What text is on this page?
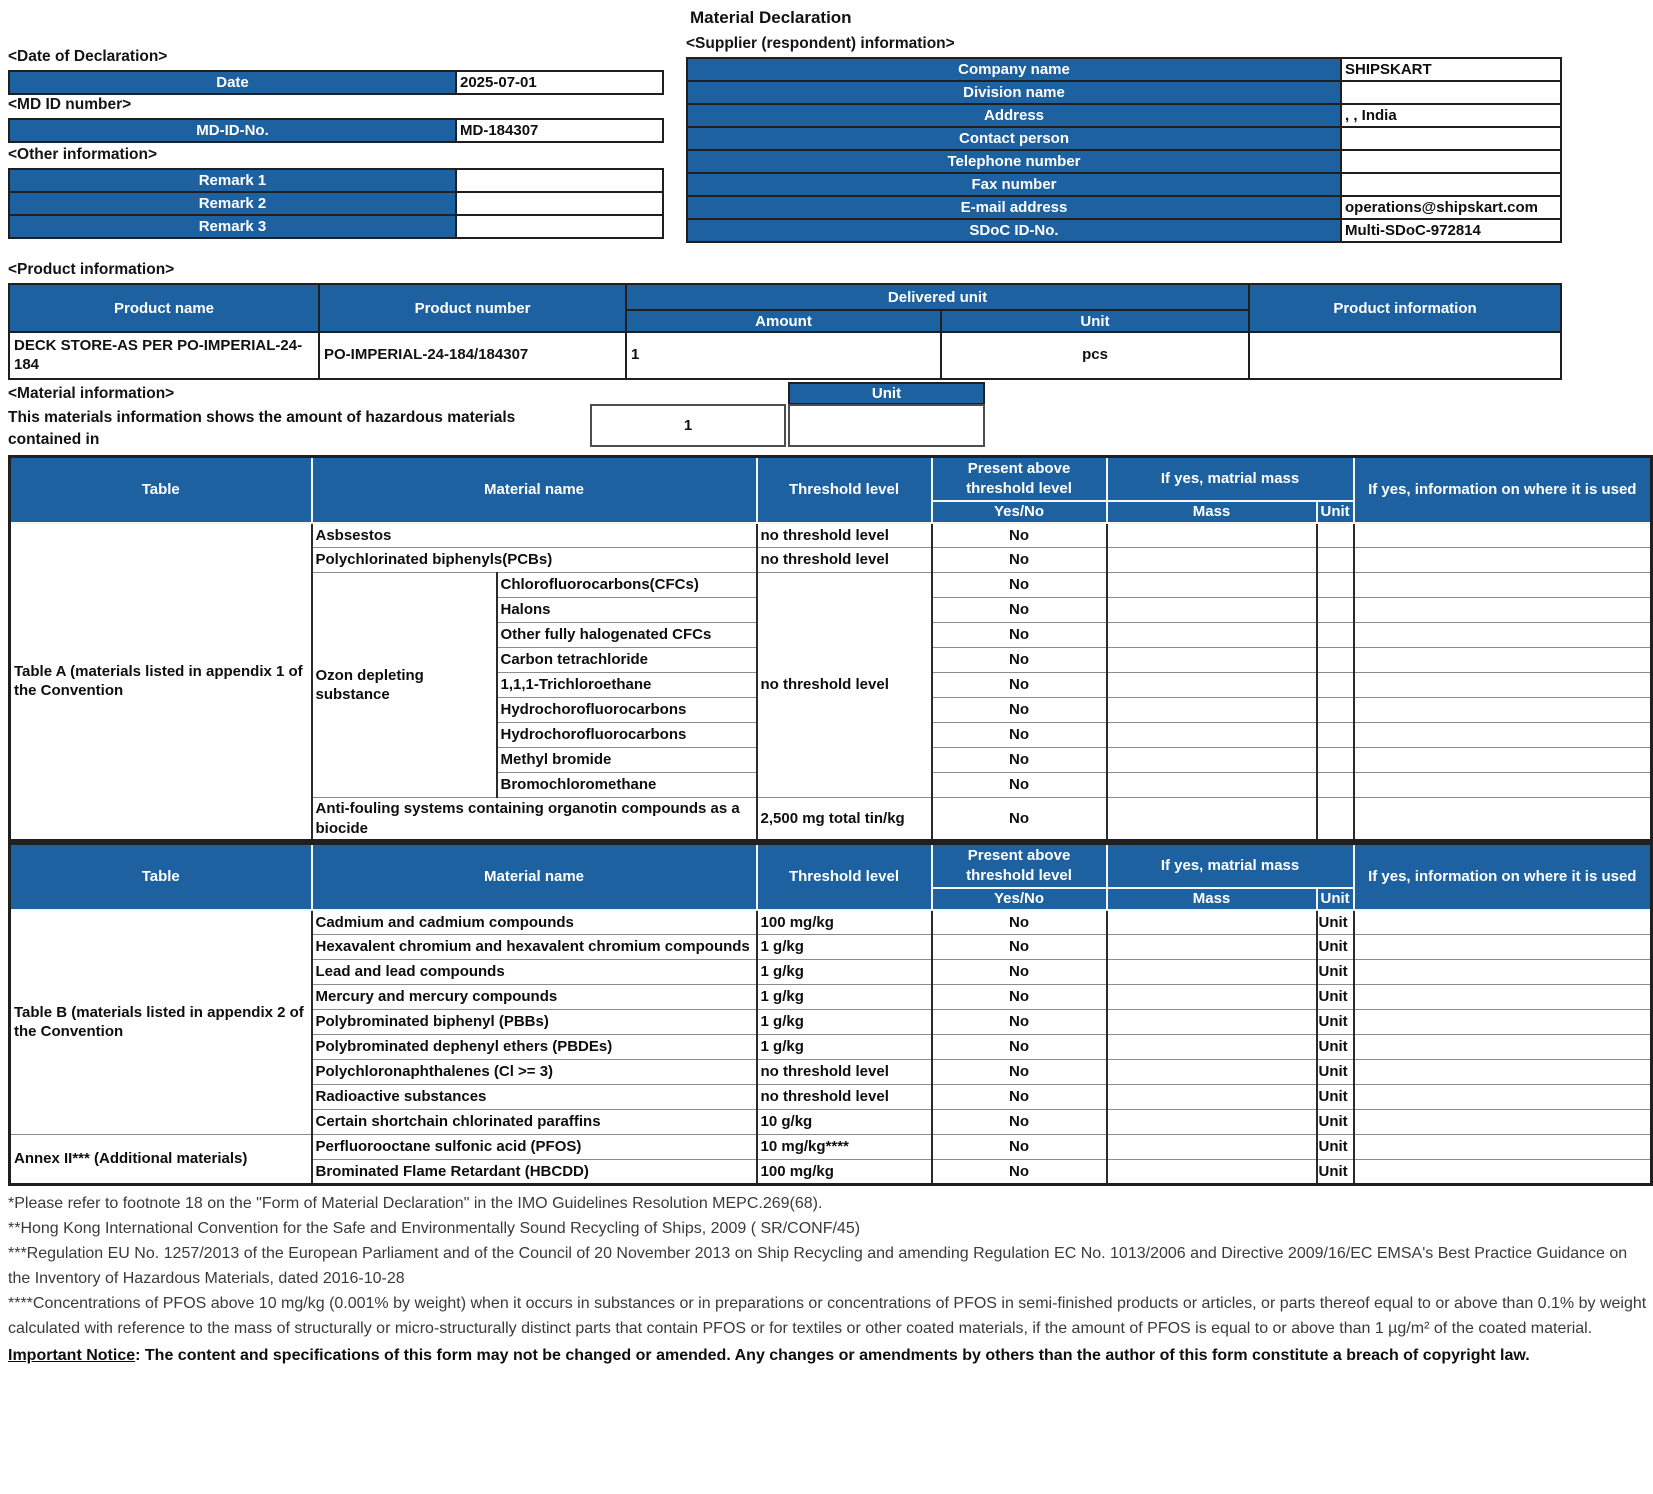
Material Declaration
<Date of Declaration>
Date	2025-07-01
<MD ID number>
MD-ID-No.	MD-184307
<Other information>
Remark 1	
Remark 2	
Remark 3	
<Supplier (respondent) information>
Company name	SHIPSKART
Division name	
Address	, , India
Contact person	
Telephone number	
Fax number	
E-mail address	operations@shipskart.com
SDoC ID-No.	Multi-SDoC-972814
<Product information>
Product name	Product number	Delivered unit		Product information
		Amount	Unit	
DECK STORE-AS PER PO-IMPERIAL-24-184	PO-IMPERIAL-24-184/184307	1	pcs	
<Material information>
This materials information shows the amount of hazardous materials contained in
Unit
1
Table	Material name		Threshold level	Present above threshold level	If yes, matrial mass		If yes, information on where it is used
				Yes/No	Mass	Unit	
Table A (materials listed in appendix 1 of the Convention	Asbsestos		no threshold level	No			
	Polychlorinated biphenyls(PCBs)		no threshold level	No			
	Ozon depleting substance	Chlorofluorocarbons(CFCs)	no threshold level	No			
		Halons		No			
		Other fully halogenated CFCs		No			
		Carbon tetrachloride		No			
		1,1,1-Trichloroethane		No			
		Hydrochorofluorocarbons		No			
		Hydrochorofluorocarbons		No			
		Methyl bromide		No			
		Bromochloromethane		No			
	Anti-fouling systems containing organotin compounds as a biocide		2,500 mg total tin/kg	No			
Table	Material name	Threshold level	Present above threshold level	If yes, matrial mass		If yes, information on where it is used
			Yes/No	Mass	Unit	
Table B (materials listed in appendix 2 of the Convention	Cadmium and cadmium compounds	100 mg/kg	No		Unit	
	Hexavalent chromium and hexavalent chromium compounds	1 g/kg	No		Unit	
	Lead and lead compounds	1 g/kg	No		Unit	
	Mercury and mercury compounds	1 g/kg	No		Unit	
	Polybrominated biphenyl (PBBs)	1 g/kg	No		Unit	
	Polybrominated dephenyl ethers (PBDEs)	1 g/kg	No		Unit	
	Polychloronaphthalenes (Cl >= 3)	no threshold level	No		Unit	
	Radioactive substances	no threshold level	No		Unit	
	Certain shortchain chlorinated paraffins	10 g/kg	No		Unit	
Annex II*** (Additional materials)	Perfluorooctane sulfonic acid (PFOS)	10 mg/kg****	No		Unit	
	Brominated Flame Retardant (HBCDD)	100 mg/kg	No		Unit	

*Please refer to footnote 18 on the "Form of Material Declaration" in the IMO Guidelines Resolution MEPC.269(68).

**Hong Kong International Convention for the Safe and Environmentally Sound Recycling of Ships, 2009 ( SR/CONF/45)

***Regulation EU No. 1257/2013 of the European Parliament and of the Council of 20 November 2013 on Ship Recycling and amending Regulation EC No. 1013/2006 and Directive 2009/16/EC EMSA's Best Practice Guidance on the Inventory of Hazardous Materials, dated 2016-10-28

****Concentrations of PFOS above 10 mg/kg (0.001% by weight) when it occurs in substances or in preparations or concentrations of PFOS in semi-finished products or articles, or parts thereof equal to or above than 0.1% by weight calculated with reference to the mass of structurally or micro-structurally distinct parts that contain PFOS or for textiles or other coated materials, if the amount of PFOS is equal to or above than 1 µg/m² of the coated material.

Important Notice: The content and specifications of this form may not be changed or amended. Any changes or amendments by others than the author of this form constitute a breach of copyright law.
